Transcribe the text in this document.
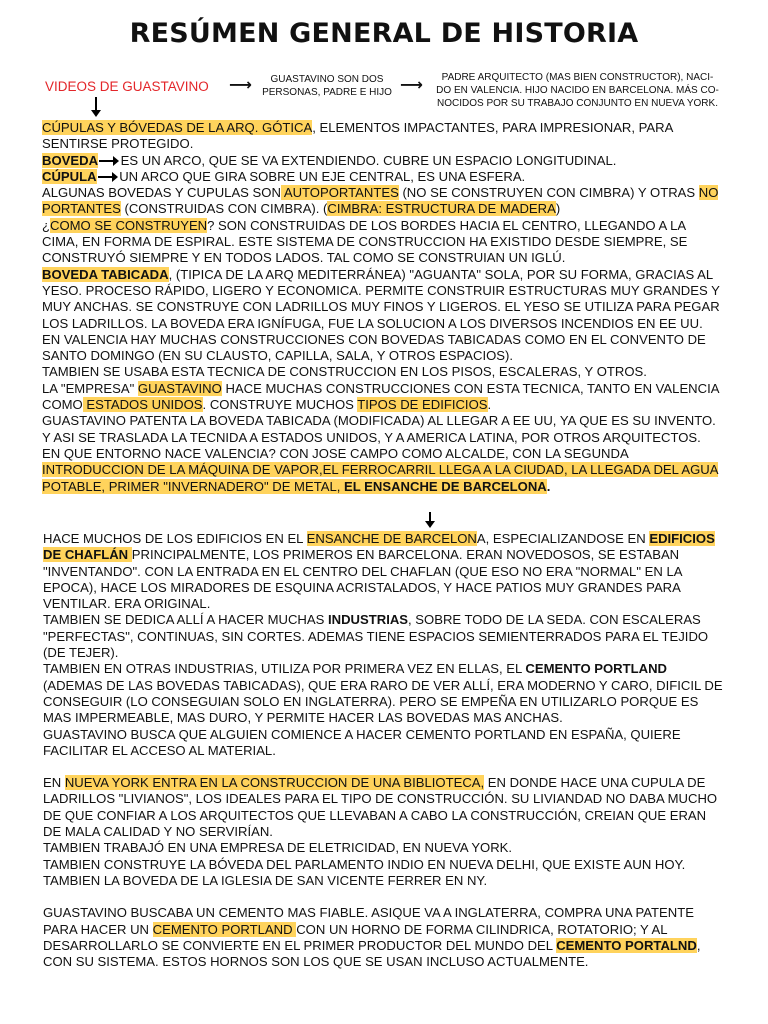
RESÚMEN GENERAL DE HISTORIA
VIDEOS DE GUASTAVINO ⟶	GUASTAVINO SON DOS
PERSONAS, PADRE E HIJO ⟶	PADRE ARQUITECTO (MAS BIEN CONSTRUCTOR), NACI-
DO EN VALENCIA. HIJO NACIDO EN BARCELONA. MÁS CO-
NOCIDOS POR SU TRABAJO CONJUNTO EN NUEVA YORK.

CÚPULAS Y BÓVEDAS DE LA ARQ. GÓTICA, ELEMENTOS IMPACTANTES, PARA IMPRESIONAR, PARA SENTIRSE PROTEGIDO.

BOVEDA ES UN ARCO, QUE SE VA EXTENDIENDO. CUBRE UN ESPACIO LONGITUDINAL.

CÚPULA UN ARCO QUE GIRA SOBRE UN EJE CENTRAL, ES UNA ESFERA.

ALGUNAS BOVEDAS Y CUPULAS SON AUTOPORTANTES (NO SE CONSTRUYEN CON CIMBRA) Y OTRAS NO PORTANTES (CONSTRUIDAS CON CIMBRA). (CIMBRA: ESTRUCTURA DE MADERA)

¿COMO SE CONSTRUYEN? SON CONSTRUIDAS DE LOS BORDES HACIA EL CENTRO, LLEGANDO A LA CIMA, EN FORMA DE ESPIRAL. ESTE SISTEMA DE CONSTRUCCION HA EXISTIDO DESDE SIEMPRE, SE CONSTRUYÓ SIEMPRE Y EN TODOS LADOS. TAL COMO SE CONSTRUIAN UN IGLÚ.

BOVEDA TABICADA, (TIPICA DE LA ARQ MEDITERRÁNEA) "AGUANTA" SOLA, POR SU FORMA, GRACIAS AL YESO. PROCESO RÁPIDO, LIGERO Y ECONOMICA. PERMITE CONSTRUIR ESTRUCTURAS MUY GRANDES Y MUY ANCHAS. SE CONSTRUYE CON LADRILLOS MUY FINOS Y LIGEROS. EL YESO SE UTILIZA PARA PEGAR LOS LADRILLOS. LA BOVEDA ERA IGNÍFUGA, FUE LA SOLUCION A LOS DIVERSOS INCENDIOS EN EE UU.

EN VALENCIA HAY MUCHAS CONSTRUCCIONES CON BOVEDAS TABICADAS COMO EN EL CONVENTO DE SANTO DOMINGO (EN SU CLAUSTO, CAPILLA, SALA, Y OTROS ESPACIOS).

TAMBIEN SE USABA ESTA TECNICA DE CONSTRUCCION EN LOS PISOS, ESCALERAS, Y OTROS.

LA "EMPRESA" GUASTAVINO HACE MUCHAS CONSTRUCCIONES CON ESTA TECNICA, TANTO EN VALENCIA COMO ESTADOS UNIDOS. CONSTRUYE MUCHOS TIPOS DE EDIFICIOS.

GUASTAVINO PATENTA LA BOVEDA TABICADA (MODIFICADA) AL LLEGAR A EE UU, YA QUE ES SU INVENTO. Y ASI SE TRASLADA LA TECNIDA A ESTADOS UNIDOS, Y A AMERICA LATINA, POR OTROS ARQUITECTOS.

EN QUE ENTORNO NACE VALENCIA? CON JOSE CAMPO COMO ALCALDE, CON LA SEGUNDA INTRODUCCION DE LA MÁQUINA DE VAPOR,EL FERROCARRIL LLEGA A LA CIUDAD, LA LLEGADA DEL AGUA POTABLE, PRIMER "INVERNADERO" DE METAL, EL ENSANCHE DE BARCELONA.

HACE MUCHOS DE LOS EDIFICIOS EN EL ENSANCHE DE BARCELONA, ESPECIALIZANDOSE EN EDIFICIOS DE CHAFLÁN PRINCIPALMENTE, LOS PRIMEROS EN BARCELONA. ERAN NOVEDOSOS, SE ESTABAN "INVENTANDO". CON LA ENTRADA EN EL CENTRO DEL CHAFLAN (QUE ESO NO ERA "NORMAL" EN LA EPOCA), HACE LOS MIRADORES DE ESQUINA ACRISTALADOS, Y HACE PATIOS MUY GRANDES PARA VENTILAR. ERA ORIGINAL.

TAMBIEN SE DEDICA ALLÍ A HACER MUCHAS INDUSTRIAS, SOBRE TODO DE LA SEDA. CON ESCALERAS "PERFECTAS", CONTINUAS, SIN CORTES. ADEMAS TIENE ESPACIOS SEMIENTERRADOS PARA EL TEJIDO (DE TEJER).

TAMBIEN EN OTRAS INDUSTRIAS, UTILIZA POR PRIMERA VEZ EN ELLAS, EL CEMENTO PORTLAND (ADEMAS DE LAS BOVEDAS TABICADAS), QUE ERA RARO DE VER ALLÍ, ERA MODERNO Y CARO, DIFICIL DE CONSEGUIR (LO CONSEGUIAN SOLO EN INGLATERRA). PERO SE EMPEÑA EN UTILIZARLO PORQUE ES MAS IMPERMEABLE, MAS DURO, Y PERMITE HACER LAS BOVEDAS MAS ANCHAS.

GUASTAVINO BUSCA QUE ALGUIEN COMIENCE A HACER CEMENTO PORTLAND EN ESPAÑA, QUIERE FACILITAR EL ACCESO AL MATERIAL.

EN NUEVA YORK ENTRA EN LA CONSTRUCCION DE UNA BIBLIOTECA, EN DONDE HACE UNA CUPULA DE LADRILLOS "LIVIANOS", LOS IDEALES PARA EL TIPO DE CONSTRUCCIÓN. SU LIVIANDAD NO DABA MUCHO DE QUE CONFIAR A LOS ARQUITECTOS QUE LLEVABAN A CABO LA CONSTRUCCIÓN, CREIAN QUE ERAN DE MALA CALIDAD Y NO SERVIRÍAN.

TAMBIEN TRABAJÓ EN UNA EMPRESA DE ELETRICIDAD, EN NUEVA YORK.

TAMBIEN CONSTRUYE LA BÓVEDA DEL PARLAMENTO INDIO EN NUEVA DELHI, QUE EXISTE AUN HOY.

TAMBIEN LA BOVEDA DE LA IGLESIA DE SAN VICENTE FERRER EN NY.

GUASTAVINO BUSCABA UN CEMENTO MAS FIABLE. ASIQUE VA A INGLATERRA, COMPRA UNA PATENTE PARA HACER UN CEMENTO PORTLAND CON UN HORNO DE FORMA CILINDRICA, ROTATORIO; Y AL DESARROLLARLO SE CONVIERTE EN EL PRIMER PRODUCTOR DEL MUNDO DEL CEMENTO PORTALND, CON SU SISTEMA. ESTOS HORNOS SON LOS QUE SE USAN INCLUSO ACTUALMENTE.
